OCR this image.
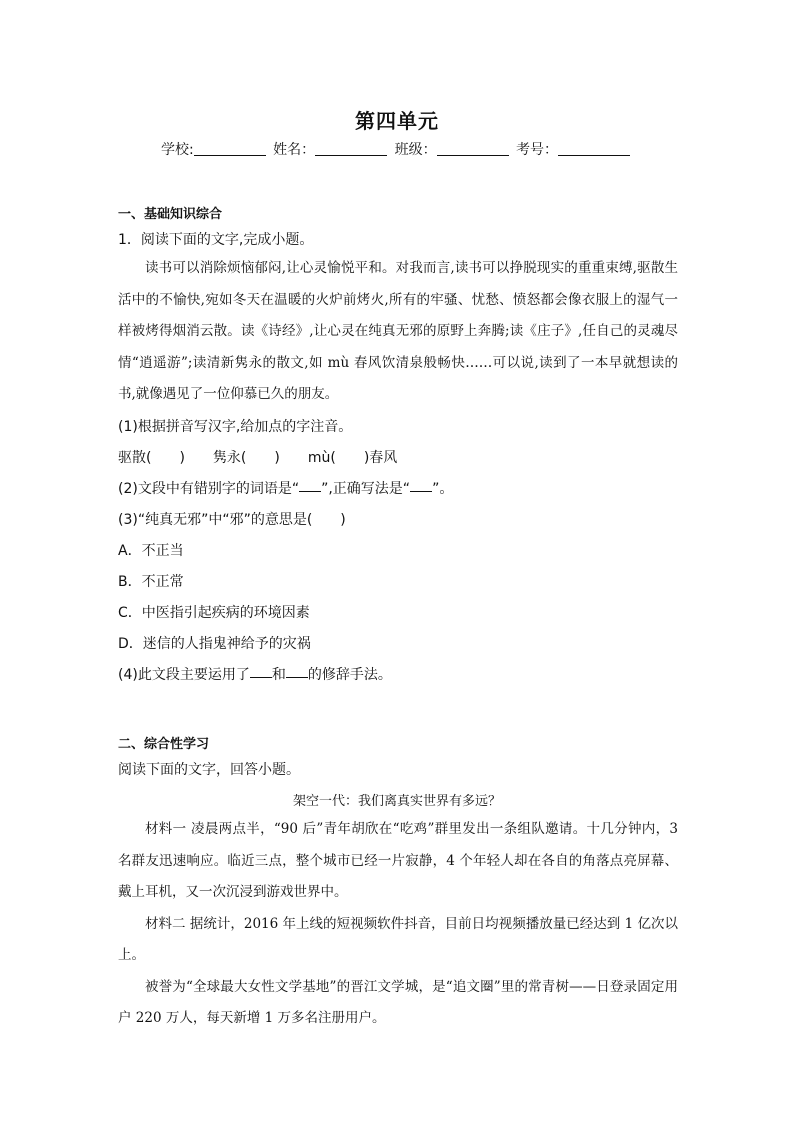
第四单元
学校:	姓名：	班级：	考号：
一、基础知识综合
1．阅读下面的文字,完成小题。

读书可以消除烦恼郁闷,让心灵愉悦平和。对我而言,读书可以挣脱现实的重重束缚,驱散生活中的不愉快,宛如冬天在温暖的火炉前烤火,所有的牢骚、忧愁、愤怒都会像衣服上的湿气一样被烤得烟消云散。读《诗经》,让心灵在纯真无邪的原野上奔腾;读《庄子》,任自己的灵魂尽情“逍遥游”;读清新隽永的散文,如 mù 春风饮清泉般畅快……可以说,读到了一本早就想读的书,就像遇见了一位仰慕已久的朋友。

(1)根据拼音写汉字,给加点的字注音。
驱散(　　)　　隽永(　　)　　mù(　　)春风
(2)文段中有错别字的词语是“ ”,正确写法是“ ”。
(3)“纯真无邪”中“邪”的意思是(　　)
A．不正当
B．不正常
C．中医指引起疾病的环境因素
D．迷信的人指鬼神给予的灾祸
(4)此文段主要运用了 和 的修辞手法。
二、综合性学习
阅读下面的文字，回答小题。
架空一代：我们离真实世界有多远？

材料一 凌晨两点半，“90 后”青年胡欣在“吃鸡”群里发出一条组队邀请。十几分钟内，3 名群友迅速响应。临近三点，整个城市已经一片寂静，4 个年轻人却在各自的角落点亮屏幕、戴上耳机，又一次沉浸到游戏世界中。

材料二 据统计，2016 年上线的短视频软件抖音，目前日均视频播放量已经达到 1 亿次以上。

被誉为“全球最大女性文学基地”的晋江文学城，是“追文圈”里的常青树——日登录固定用户 220 万人，每天新增 1 万多名注册用户。
